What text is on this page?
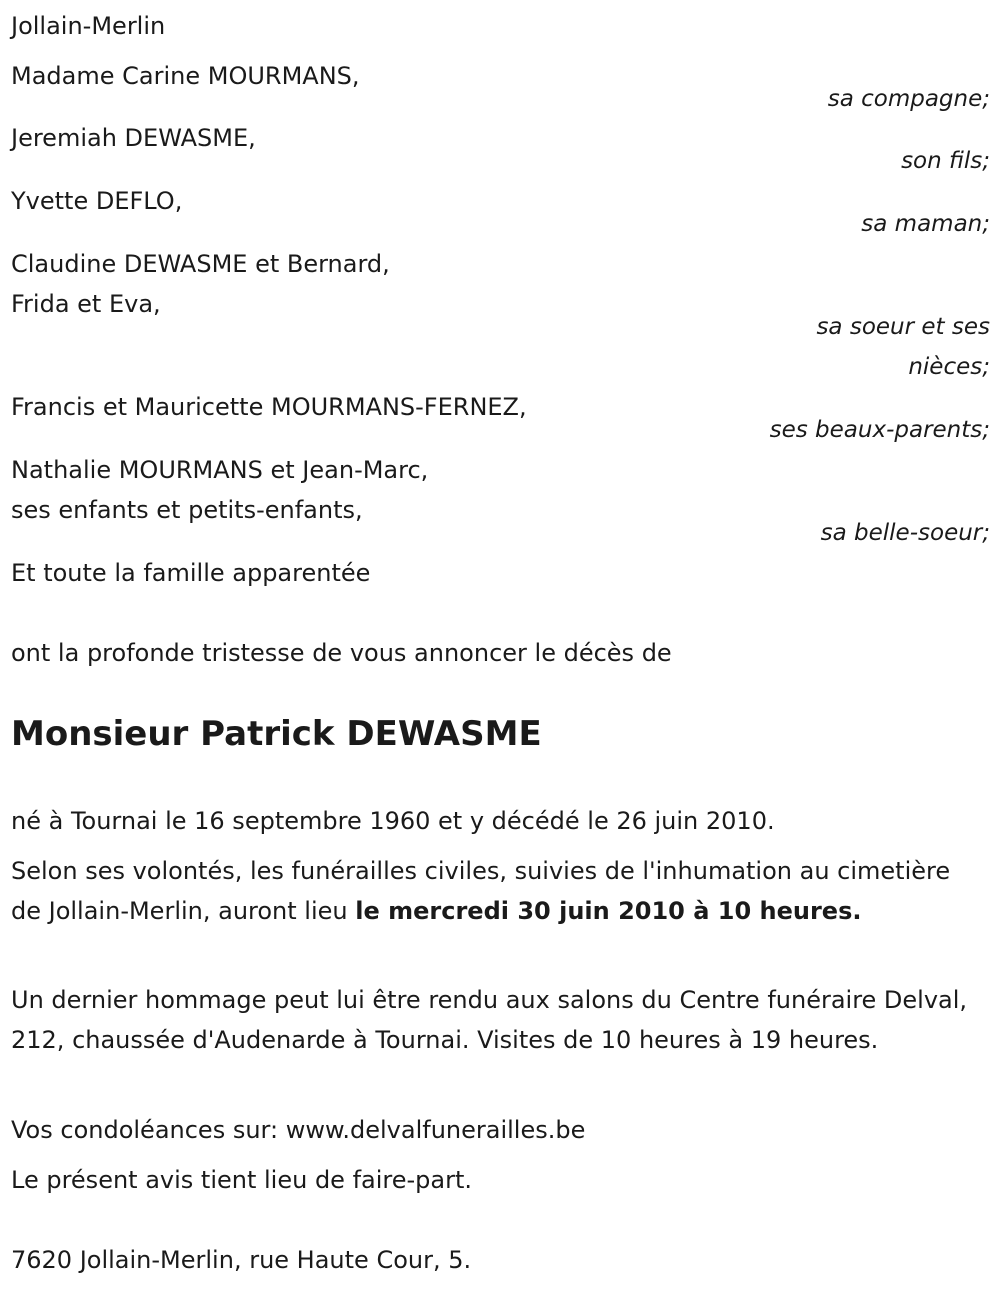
Jollain-Merlin
Madame Carine MOURMANS,
sa compagne;
Jeremiah DEWASME,
son fils;
Yvette DEFLO,
sa maman;
Claudine DEWASME et Bernard,
Frida et Eva,
sa soeur et ses
nièces;
Francis et Mauricette MOURMANS-FERNEZ,
ses beaux-parents;
Nathalie MOURMANS et Jean-Marc,
ses enfants et petits-enfants,
sa belle-soeur;
Et toute la famille apparentée
ont la profonde tristesse de vous annoncer le décès de
Monsieur Patrick DEWASME
né à Tournai le 16 septembre 1960 et y décédé le 26 juin 2010.
Selon ses volontés, les funérailles civiles, suivies de l'inhumation au cimetière de Jollain-Merlin, auront lieu le mercredi 30 juin 2010 à 10 heures.
Un dernier hommage peut lui être rendu aux salons du Centre funéraire Delval, 212, chaussée d'Audenarde à Tournai. Visites de 10 heures à 19 heures.
Vos condoléances sur: www.delvalfunerailles.be
Le présent avis tient lieu de faire-part.
7620 Jollain-Merlin, rue Haute Cour, 5.
